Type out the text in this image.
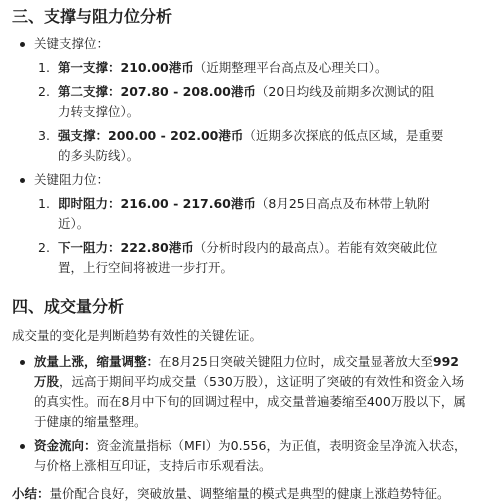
三、支撑与阻力位分析
关键支撑位：
1. 第一支撑：210.00港币（近期整理平台高点及心理关口）。
2. 第二支撑：207.80 - 208.00港币（20日均线及前期多次测试的阻力转支撑位）。
3. 强支撑：200.00 - 202.00港币（近期多次探底的低点区域，是重要的多头防线）。
关键阻力位：
1. 即时阻力：216.00 - 217.60港币（8月25日高点及布林带上轨附近）。
2. 下一阻力：222.80港币（分析时段内的最高点）。若能有效突破此位置，上行空间将被进一步打开。
四、成交量分析

成交量的变化是判断趋势有效性的关键佐证。

放量上涨，缩量调整：在8月25日突破关键阻力位时，成交量显著放大至992万股，远高于期间平均成交量（530万股），这证明了突破的有效性和资金入场的真实性。而在8月中下旬的回调过程中，成交量普遍萎缩至400万股以下，属于健康的缩量整理。
资金流向：资金流量指标（MFI）为0.556，为正值，表明资金呈净流入状态，与价格上涨相互印证，支持后市乐观看法。
小结：量价配合良好，突破放量、调整缩量的模式是典型的健康上涨趋势特征。
